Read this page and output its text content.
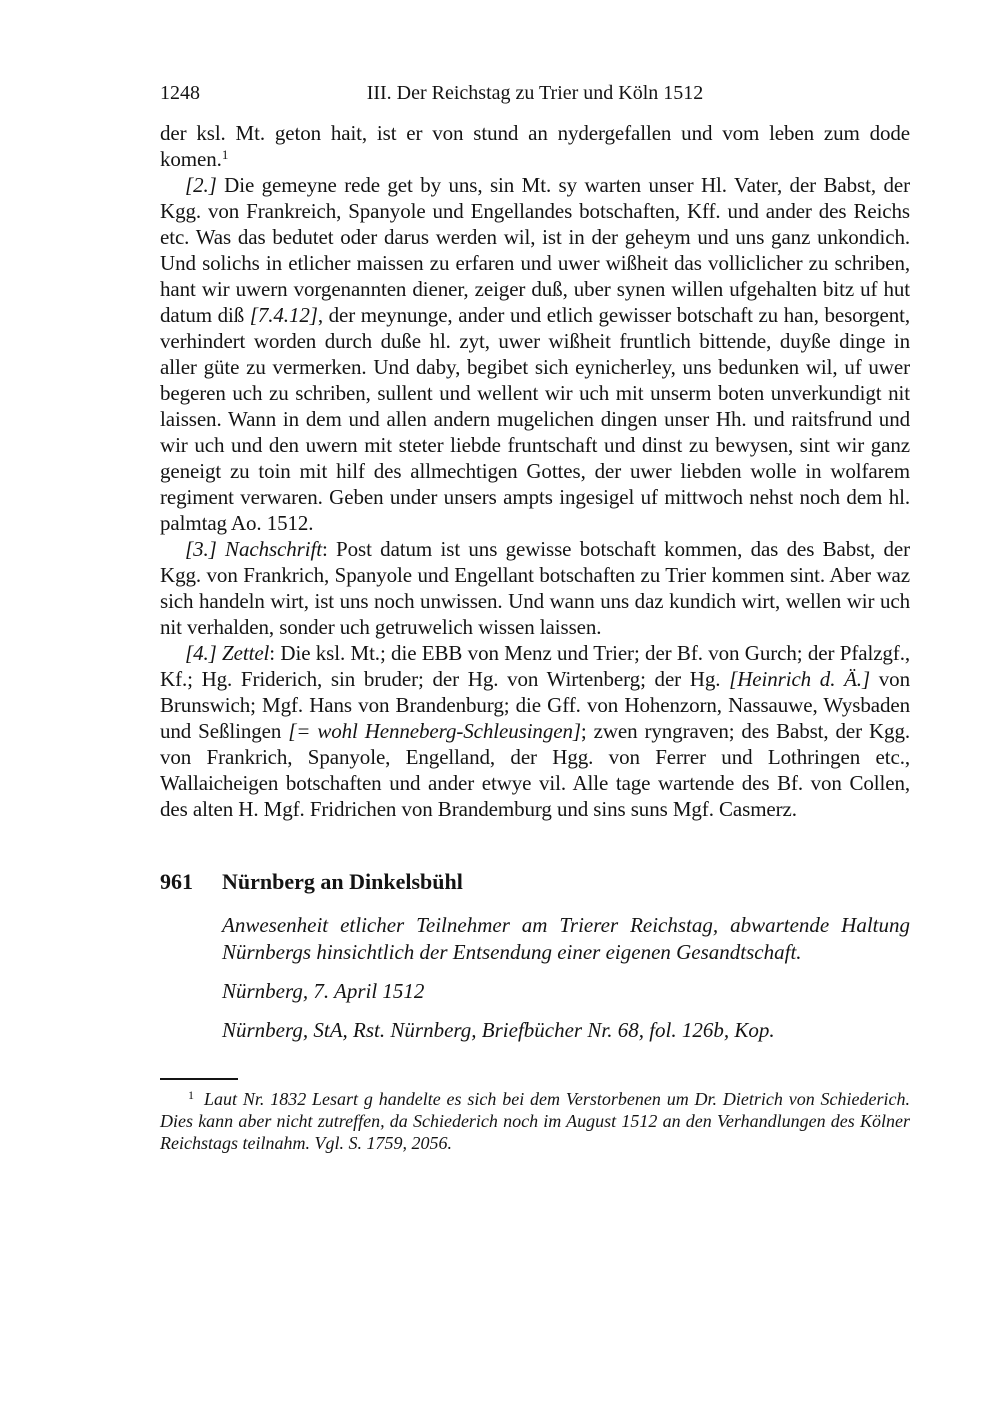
1248	III. Der Reichstag zu Trier und Köln 1512

der ksl. Mt. geton hait, ist er von stund an nydergefallen und vom leben zum dode komen.$^1$

[2.] Die gemeyne rede get by uns, sin Mt. sy warten unser Hl. Vater, der Babst, der Kgg. von Frankreich, Spanyole und Engellandes botschaften, Kff. und ander des Reichs etc. Was das bedutet oder darus werden wil, ist in der geheym und uns ganz unkondich. Und solichs in etlicher maissen zu erfaren und uwer wißheit das volliclicher zu schriben, hant wir uwern vorgenannten diener, zeiger duß, uber synen willen ufgehalten bitz uf hut datum diß [7.4.12], der meynunge, ander und etlich gewisser botschaft zu han, besorgent, verhindert worden durch duße hl. zyt, uwer wißheit fruntlich bittende, duyße dinge in aller güte zu vermerken. Und daby, begibet sich eynicherley, uns bedunken wil, uf uwer begeren uch zu schriben, sullent und wellent wir uch mit unserm boten unverkundigt nit laissen. Wann in dem und allen andern mugelichen dingen unser Hh. und raitsfrund und wir uch und den uwern mit steter liebde fruntschaft und dinst zu bewysen, sint wir ganz geneigt zu toin mit hilf des allmechtigen Gottes, der uwer liebden wolle in wolfarem regiment verwaren. Geben under unsers ampts ingesigel uf mittwoch nehst noch dem hl. palmtag Ao. 1512.

[3.] Nachschrift: Post datum ist uns gewisse botschaft kommen, das des Babst, der Kgg. von Frankrich, Spanyole und Engellant botschaften zu Trier kommen sint. Aber waz sich handeln wirt, ist uns noch unwissen. Und wann uns daz kundich wirt, wellen wir uch nit verhalden, sonder uch getruwelich wissen laissen.

[4.] Zettel: Die ksl. Mt.; die EBB von Menz und Trier; der Bf. von Gurch; der Pfalzgf., Kf.; Hg. Friderich, sin bruder; der Hg. von Wirtenberg; der Hg. [Heinrich d. Ä.] von Brunswich; Mgf. Hans von Brandenburg; die Gff. von Hohenzorn, Nassauwe, Wysbaden und Seßlingen [= wohl Henneberg-Schleusingen]; zwen ryngraven; des Babst, der Kgg. von Frankrich, Spanyole, Engelland, der Hgg. von Ferrer und Lothringen etc., Wallaicheigen botschaften und ander etwye vil. Alle tage wartende des Bf. von Collen, des alten H. Mgf. Fridrichen von Brandemburg und sins suns Mgf. Casmerz.

961	Nürnberg an Dinkelsbühl

Anwesenheit etlicher Teilnehmer am Trierer Reichstag, abwartende Haltung Nürnbergs hinsichtlich der Entsendung einer eigenen Gesandtschaft.

Nürnberg, 7. April 1512

Nürnberg, StA, Rst. Nürnberg, Briefbücher Nr. 68, fol. 126b, Kop.

$^1$ Laut Nr. 1832 Lesart g handelte es sich bei dem Verstorbenen um Dr. Dietrich von Schiederich. Dies kann aber nicht zutreffen, da Schiederich noch im August 1512 an den Verhandlungen des Kölner Reichstags teilnahm. Vgl. S. 1759, 2056.
